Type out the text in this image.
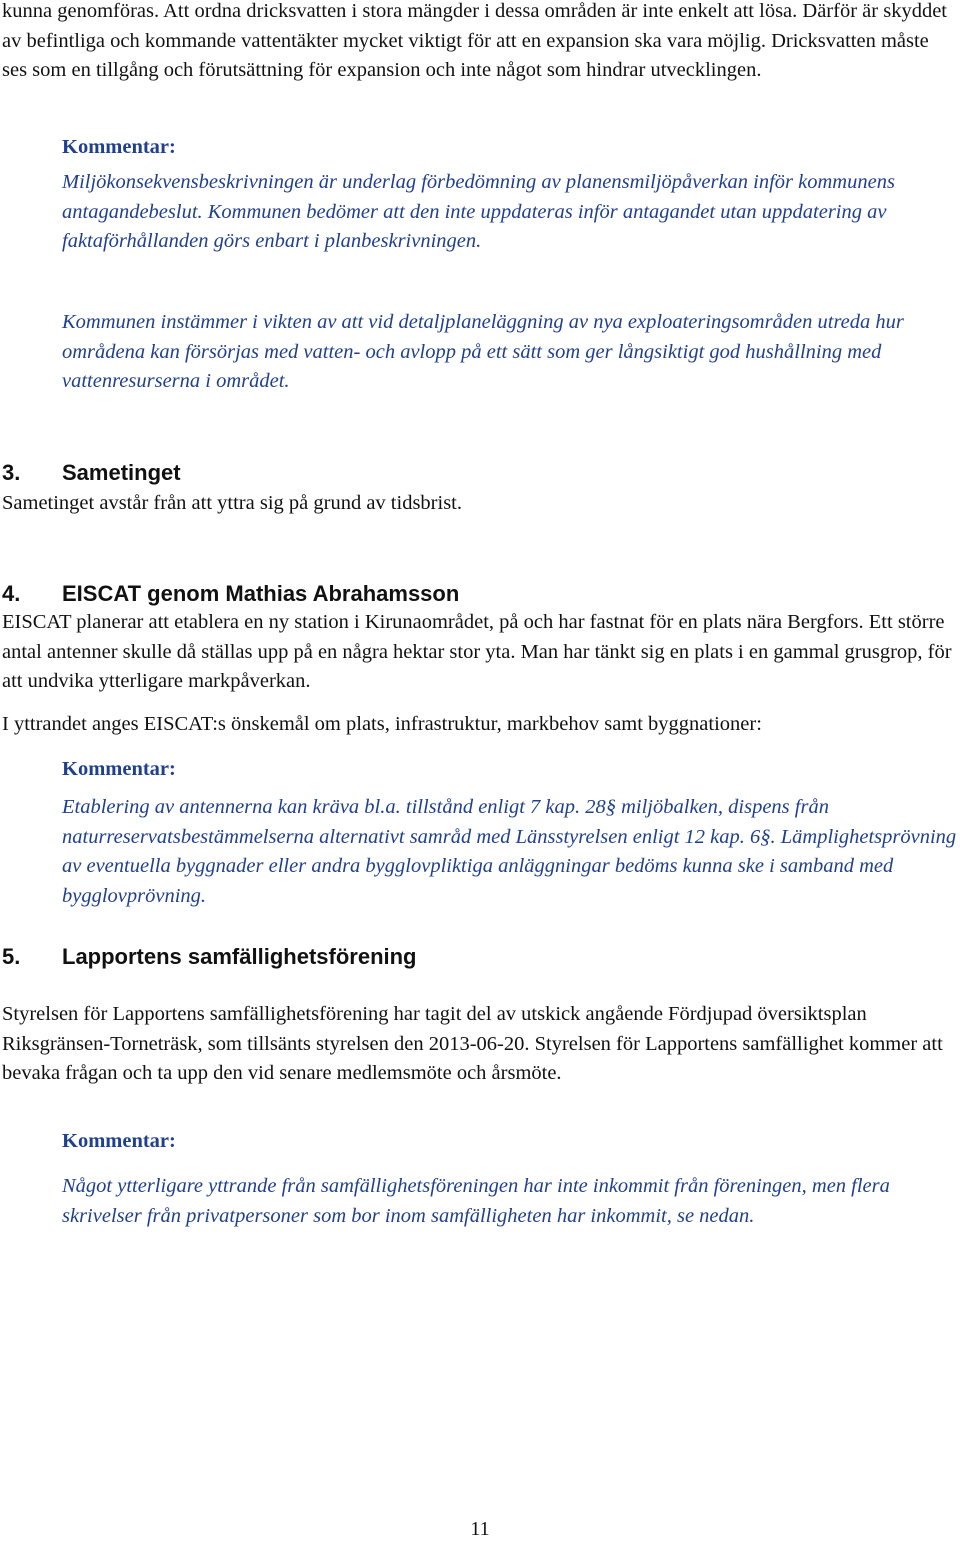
kunna genomföras. Att ordna dricksvatten i stora mängder i dessa områden är inte enkelt att lösa. Därför är skyddet av befintliga och kommande vattentäkter mycket viktigt för att en expansion ska vara möjlig. Dricksvatten måste ses som en tillgång och förutsättning för expansion och inte något som hindrar utvecklingen.

Kommentar:

Miljökonsekvensbeskrivningen är underlag förbedömning av planensmiljöpåverkan inför kommunens antagandebeslut. Kommunen bedömer att den inte uppdateras inför antagandet utan uppdatering av faktaförhållanden görs enbart i planbeskrivningen.

Kommunen instämmer i vikten av att vid detaljplaneläggning av nya exploateringsområden utreda hur områdena kan försörjas med vatten- och avlopp på ett sätt som ger långsiktigt god hushållning med vattenresurserna i området.

3. Sametinget

Sametinget avstår från att yttra sig på grund av tidsbrist.

4. EISCAT genom Mathias Abrahamsson

EISCAT planerar att etablera en ny station i Kirunaområdet, på och har fastnat för en plats nära Bergfors. Ett större antal antenner skulle då ställas upp på en några hektar stor yta. Man har tänkt sig en plats i en gammal grusgrop, för att undvika ytterligare markpåverkan.

I yttrandet anges EISCAT:s önskemål om plats, infrastruktur, markbehov samt byggnationer:

Kommentar:

Etablering av antennerna kan kräva bl.a. tillstånd enligt 7 kap. 28§ miljöbalken, dispens från naturreservatsbestämmelserna alternativt samråd med Länsstyrelsen enligt 12 kap. 6§. Lämplighetsprövning av eventuella byggnader eller andra bygglovpliktiga anläggningar bedöms kunna ske i samband med bygglovprövning.

5. Lapportens samfällighetsförening

Styrelsen för Lapportens samfällighetsförening har tagit del av utskick angående Fördjupad översiktsplan Riksgränsen-Torneträsk, som tillsänts styrelsen den 2013-06-20. Styrelsen för Lapportens samfällighet kommer att bevaka frågan och ta upp den vid senare medlemsmöte och årsmöte.

Kommentar:

Något ytterligare yttrande från samfällighetsföreningen har inte inkommit från föreningen, men flera skrivelser från privatpersoner som bor inom samfälligheten har inkommit, se nedan.

11
